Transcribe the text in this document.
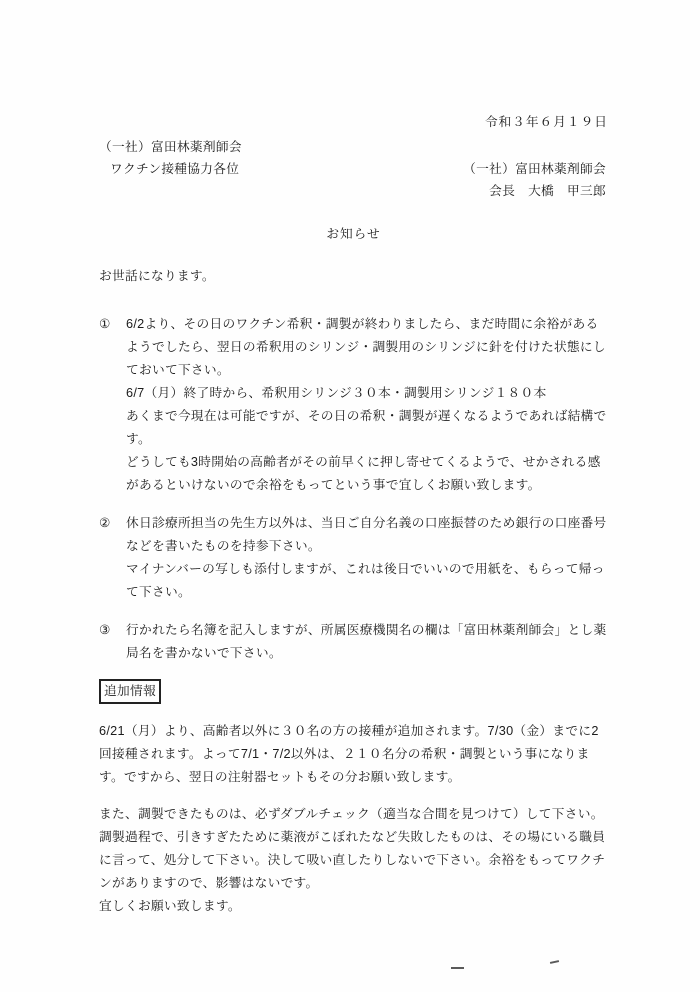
令和３年６月１９日

（一社）富田林薬剤師会

ワクチン接種協力各位	（一社）富田林薬剤師会

会長　大橋　甲三郎

お知らせ

お世話になります。

①	6/2より、その日のワクチン希釈・調製が終わりましたら、まだ時間に余裕があるようでしたら、翌日の希釈用のシリンジ・調製用のシリンジに針を付けた状態にしておいて下さい。

6/7（月）終了時から、希釈用シリンジ３０本・調製用シリンジ１８０本

あくまで今現在は可能ですが、その日の希釈・調製が遅くなるようであれば結構です。

どうしても3時開始の高齢者がその前早くに押し寄せてくるようで、せかされる感があるといけないので余裕をもってという事で宜しくお願い致します。

②	休日診療所担当の先生方以外は、当日ご自分名義の口座振替のため銀行の口座番号などを書いたものを持参下さい。

マイナンバーの写しも添付しますが、これは後日でいいので用紙を、もらって帰って下さい。

③	行かれたら名簿を記入しますが、所属医療機関名の欄は「富田林薬剤師会」とし薬局名を書かないで下さい。

追加情報

6/21（月）より、高齢者以外に３０名の方の接種が追加されます。7/30（金）までに2回接種されます。よって7/1・7/2以外は、２１０名分の希釈・調製という事になります。ですから、翌日の注射器セットもその分お願い致します。

また、調製できたものは、必ずダブルチェック（適当な合間を見つけて）して下さい。

調製過程で、引きすぎたために薬液がこぼれたなど失敗したものは、その場にいる職員に言って、処分して下さい。決して吸い直したりしないで下さい。余裕をもってワクチンがありますので、影響はないです。

宜しくお願い致します。
